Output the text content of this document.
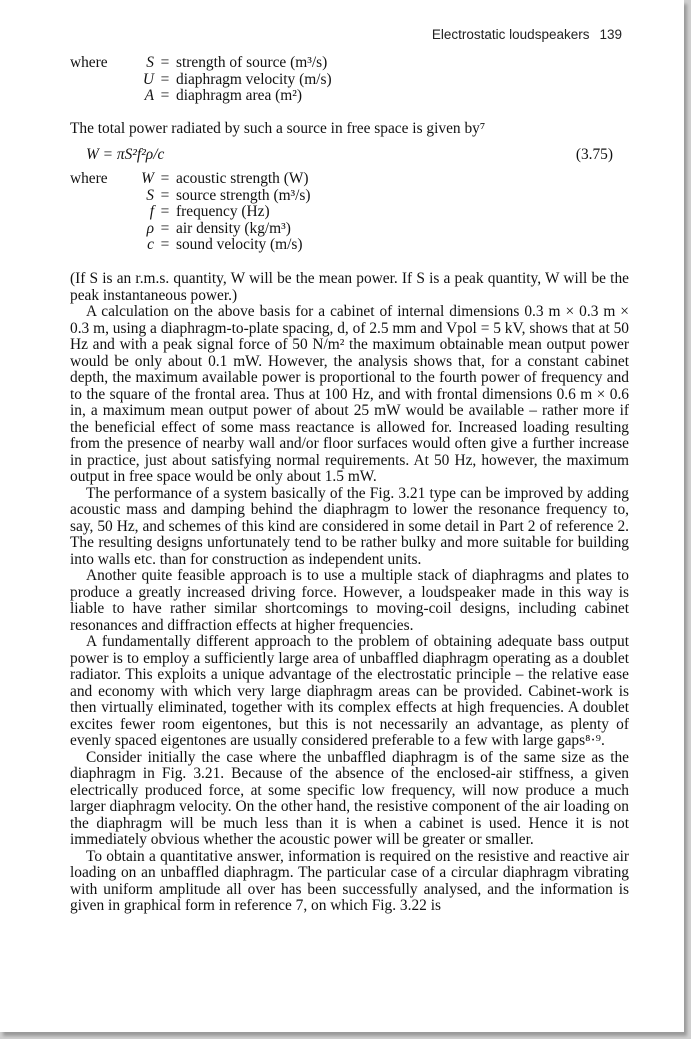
Electrostatic loudspeakers 139
where	S = strength of source (m³/s)
U = diaphragm velocity (m/s)
A = diaphragm area (m²)
The total power radiated by such a source in free space is given by⁷
W = πS²f²ρ/c	(3.75)
where	W = acoustic strength (W)
S = source strength (m³/s)
f = frequency (Hz)
ρ = air density (kg/m³)
c = sound velocity (m/s)

(If S is an r.m.s. quantity, W will be the mean power. If S is a peak quantity, W will be the peak instantaneous power.)

A calculation on the above basis for a cabinet of internal dimensions 0.3 m × 0.3 m × 0.3 m, using a diaphragm-to-plate spacing, d, of 2.5 mm and Vpol = 5 kV, shows that at 50 Hz and with a peak signal force of 50 N/m² the maximum obtainable mean output power would be only about 0.1 mW. However, the analysis shows that, for a constant cabinet depth, the maximum available power is proportional to the fourth power of frequency and to the square of the frontal area. Thus at 100 Hz, and with frontal dimensions 0.6 m × 0.6 in, a maximum mean output power of about 25 mW would be available – rather more if the beneficial effect of some mass reactance is allowed for. Increased loading resulting from the presence of nearby wall and/or floor surfaces would often give a further increase in practice, just about satisfying normal requirements. At 50 Hz, however, the maximum output in free space would be only about 1.5 mW.

The performance of a system basically of the Fig. 3.21 type can be improved by adding acoustic mass and damping behind the diaphragm to lower the resonance frequency to, say, 50 Hz, and schemes of this kind are considered in some detail in Part 2 of reference 2. The resulting designs unfortunately tend to be rather bulky and more suitable for building into walls etc. than for construction as independent units.

Another quite feasible approach is to use a multiple stack of diaphragms and plates to produce a greatly increased driving force. However, a loudspeaker made in this way is liable to have rather similar shortcomings to moving-coil designs, including cabinet resonances and diffraction effects at higher frequencies.

A fundamentally different approach to the problem of obtaining adequate bass output power is to employ a sufficiently large area of unbaffled diaphragm operating as a doublet radiator. This exploits a unique advantage of the electrostatic principle – the relative ease and economy with which very large diaphragm areas can be provided. Cabinet-work is then virtually eliminated, together with its complex effects at high frequencies. A doublet excites fewer room eigentones, but this is not necessarily an advantage, as plenty of evenly spaced eigentones are usually considered preferable to a few with large gaps⁸·⁹.

Consider initially the case where the unbaffled diaphragm is of the same size as the diaphragm in Fig. 3.21. Because of the absence of the enclosed-air stiffness, a given electrically produced force, at some specific low frequency, will now produce a much larger diaphragm velocity. On the other hand, the resistive component of the air loading on the diaphragm will be much less than it is when a cabinet is used. Hence it is not immediately obvious whether the acoustic power will be greater or smaller.

To obtain a quantitative answer, information is required on the resistive and reactive air loading on an unbaffled diaphragm. The particular case of a circular diaphragm vibrating with uniform amplitude all over has been successfully analysed, and the information is given in graphical form in reference 7, on which Fig. 3.22 is
